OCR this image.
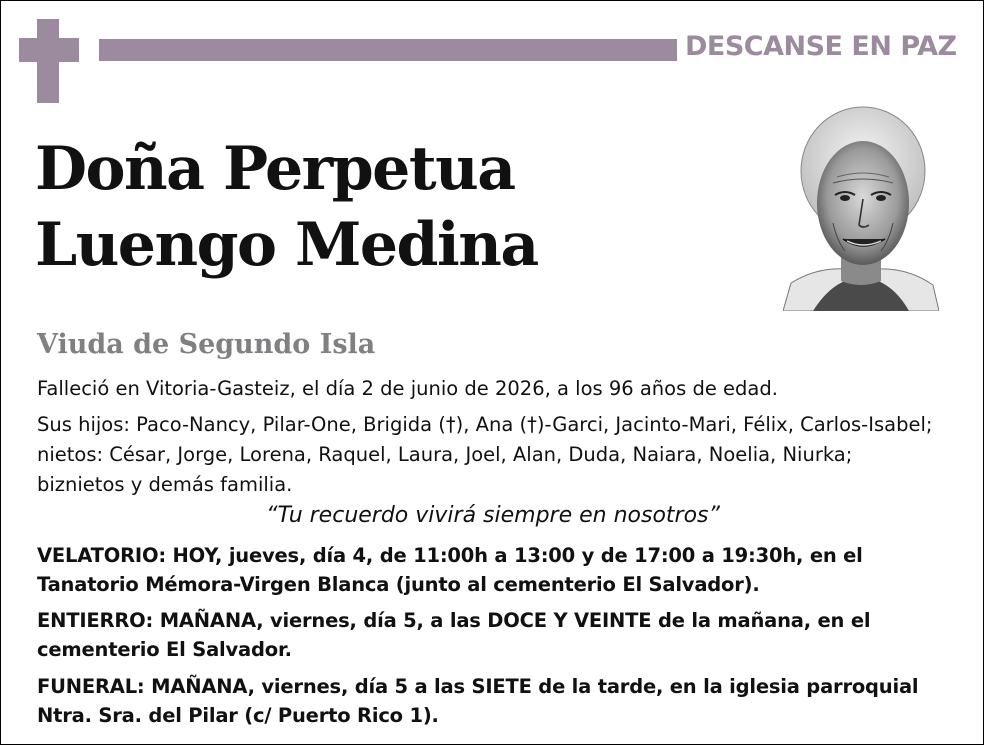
DESCANSE EN PAZ
Doña Perpetua
Luengo Medina
Viuda de Segundo Isla
Falleció en Vitoria-Gasteiz, el día 2 de junio de 2026, a los 96 años de edad.
Sus hijos: Paco-Nancy, Pilar-One, Brigida (†), Ana (†)-Garci, Jacinto-Mari, Félix, Carlos-Isabel; nietos: César, Jorge, Lorena, Raquel, Laura, Joel, Alan, Duda, Naiara, Noelia, Niurka; biznietos y demás familia.
“Tu recuerdo vivirá siempre en nosotros”
VELATORIO: HOY, jueves, día 4, de 11:00h a 13:00 y de 17:00 a 19:30h, en el Tanatorio Mémora-Virgen Blanca (junto al cementerio El Salvador).
ENTIERRO: MAÑANA, viernes, día 5, a las DOCE Y VEINTE de la mañana, en el cementerio El Salvador.
FUNERAL: MAÑANA, viernes, día 5 a las SIETE de la tarde, en la iglesia parroquial Ntra. Sra. del Pilar (c/ Puerto Rico 1).
